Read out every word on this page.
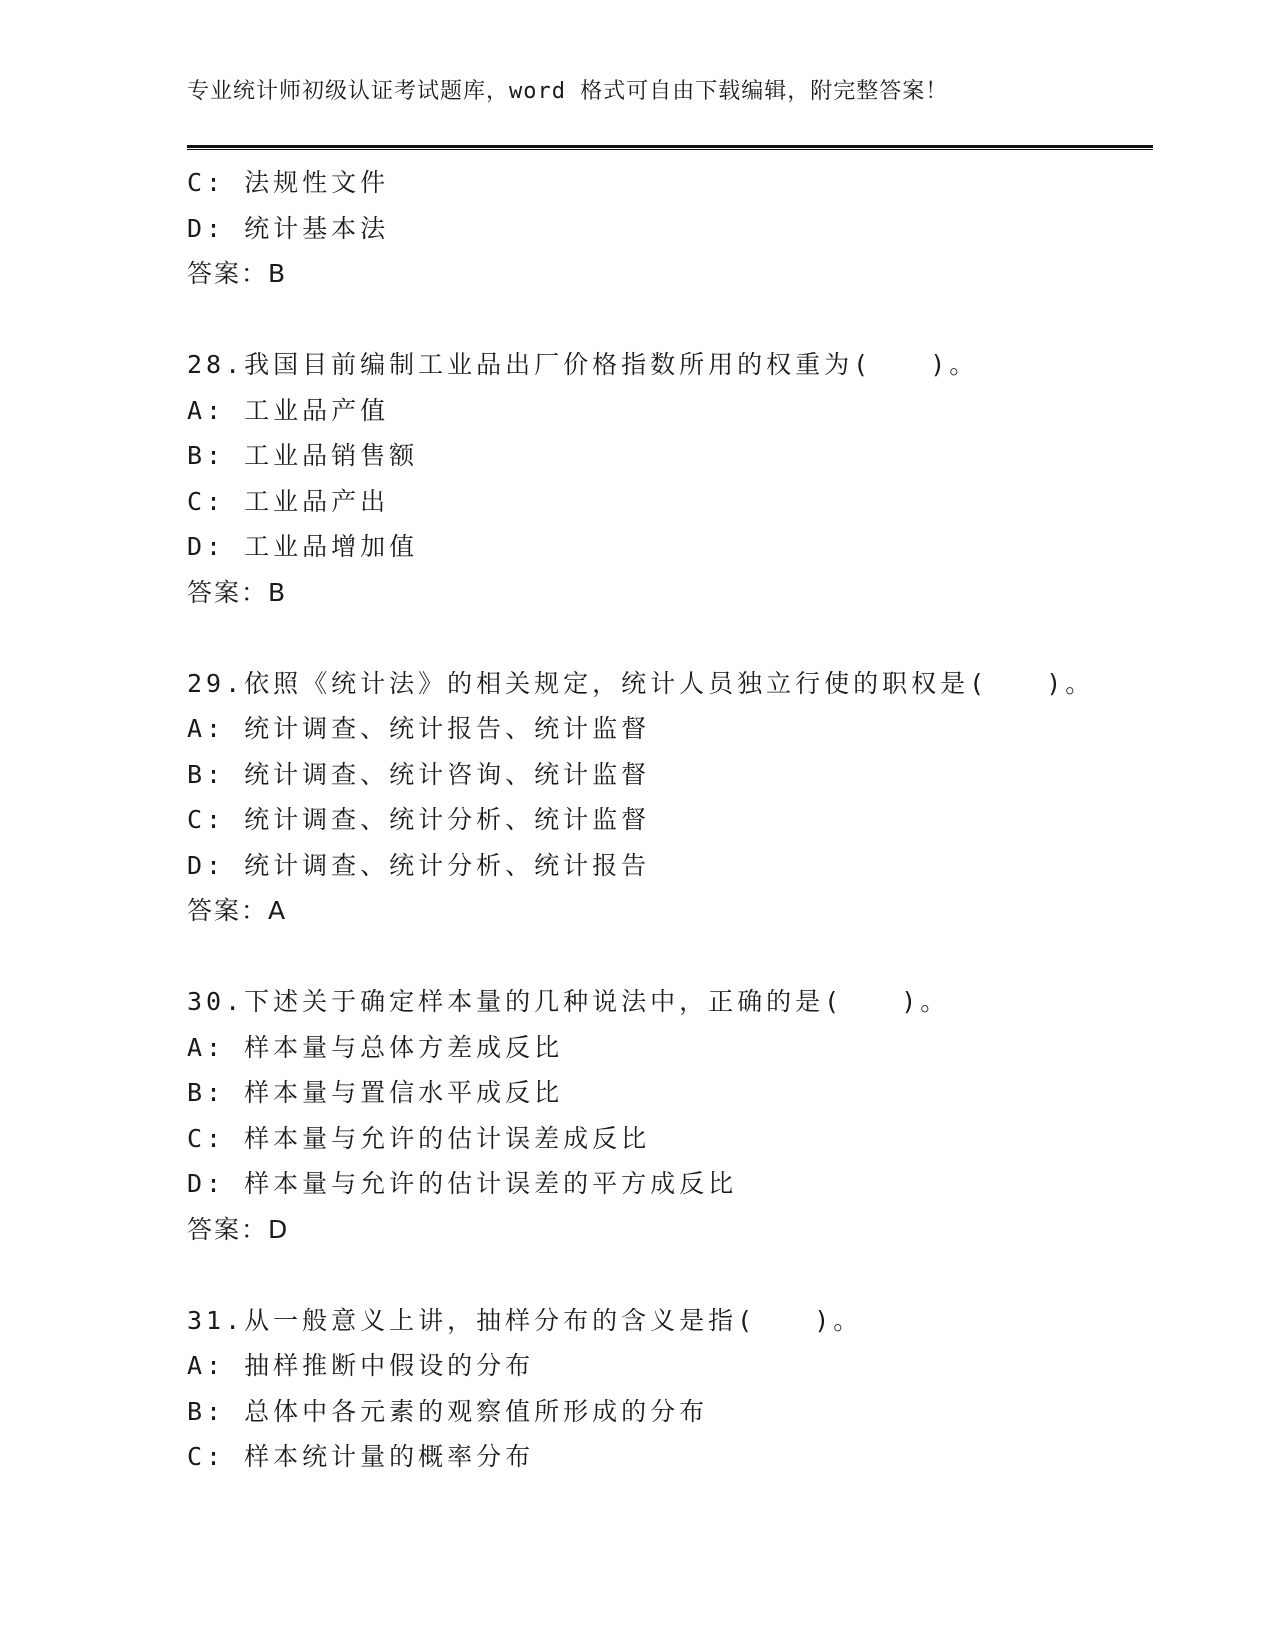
专业统计师初级认证考试题库，word 格式可自由下载编辑，附完整答案！
C: 法规性文件
D: 统计基本法
答案：B
28.我国目前编制工业品出厂价格指数所用的权重为(　　)。
A: 工业品产值
B: 工业品销售额
C: 工业品产出
D: 工业品增加值
答案：B
29.依照《统计法》的相关规定，统计人员独立行使的职权是(　　)。
A: 统计调查、统计报告、统计监督
B: 统计调查、统计咨询、统计监督
C: 统计调查、统计分析、统计监督
D: 统计调查、统计分析、统计报告
答案：A
30.下述关于确定样本量的几种说法中，正确的是(　　)。
A: 样本量与总体方差成反比
B: 样本量与置信水平成反比
C: 样本量与允许的估计误差成反比
D: 样本量与允许的估计误差的平方成反比
答案：D
31.从一般意义上讲，抽样分布的含义是指(　　)。
A: 抽样推断中假设的分布
B: 总体中各元素的观察值所形成的分布
C: 样本统计量的概率分布
